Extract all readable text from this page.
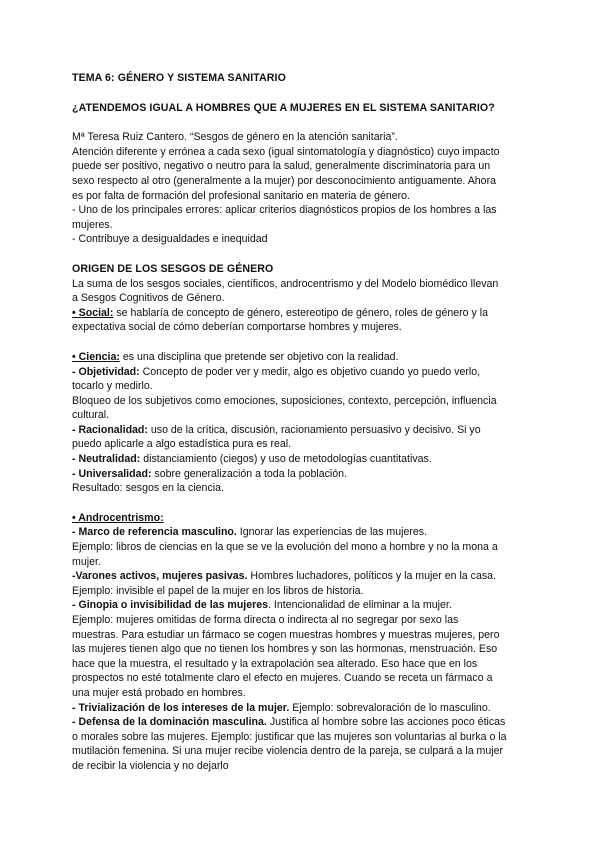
TEMA 6: GÉNERO Y SISTEMA SANITARIO

¿ATENDEMOS IGUAL A HOMBRES QUE A MUJERES EN EL SISTEMA SANITARIO?

Mª Teresa Ruiz Cantero. “Sesgos de género en la atención sanitaria”.

Atención diferente y errónea a cada sexo (igual sintomatología y diagnóstico) cuyo impacto

puede ser positivo, negativo o neutro para la salud, generalmente discriminatoria para un

sexo respecto al otro (generalmente a la mujer) por desconocimiento antiguamente. Ahora

es por falta de formación del profesional sanitario en materia de género.

- Uno de los principales errores: aplicar criterios diagnósticos propios de los hombres a las

mujeres.

- Contribuye a desigualdades e inequidad

ORIGEN DE LOS SESGOS DE GÉNERO

La suma de los sesgos sociales, científicos, androcentrismo y del Modelo biomédico llevan

a Sesgos Cognitivos de Género.

• Social: se hablaría de concepto de género, estereotipo de género, roles de género y la

expectativa social de cómo deberían comportarse hombres y mujeres.

• Ciencia: es una disciplina que pretende ser objetivo con la realidad.

- Objetividad: Concepto de poder ver y medir, algo es objetivo cuando yo puedo verlo,

tocarlo y medirlo.

Bloqueo de los subjetivos como emociones, suposiciones, contexto, percepción, influencia

cultural.

- Racionalidad: uso de la crítica, discusión, racionamiento persuasivo y decisivo. Si yo

puedo aplicarle a algo estadística pura es real.

- Neutralidad: distanciamiento (ciegos) y uso de metodologías cuantitativas.

- Universalidad: sobre generalización a toda la población.

Resultado: sesgos en la ciencia.

• Androcentrismo:

- Marco de referencia masculino. Ignorar las experiencias de las mujeres.

Ejemplo: libros de ciencias en la que se ve la evolución del mono a hombre y no la mona a

mujer.

-Varones activos, mujeres pasivas. Hombres luchadores, políticos y la mujer en la casa.

Ejemplo: invisible el papel de la mujer en los libros de historia.

- Ginopia o invisibilidad de las mujeres. Intencionalidad de eliminar a la mujer.

Ejemplo: mujeres omitidas de forma directa o indirecta al no segregar por sexo las

muestras. Para estudiar un fármaco se cogen muestras hombres y muestras mujeres, pero

las mujeres tienen algo que no tienen los hombres y son las hormonas, menstruación. Eso

hace que la muestra, el resultado y la extrapolación sea alterado. Eso hace que en los

prospectos no esté totalmente claro el efecto en mujeres. Cuando se receta un fármaco a

una mujer está probado en hombres.

- Trivialización de los intereses de la mujer. Ejemplo: sobrevaloración de lo masculino.

- Defensa de la dominación masculina. Justifica al hombre sobre las acciones poco éticas

o morales sobre las mujeres. Ejemplo: justificar que las mujeres son voluntarias al burka o la

mutilación femenina. Si una mujer recibe violencia dentro de la pareja, se culpará a la mujer

de recibir la violencia y no dejarlo
